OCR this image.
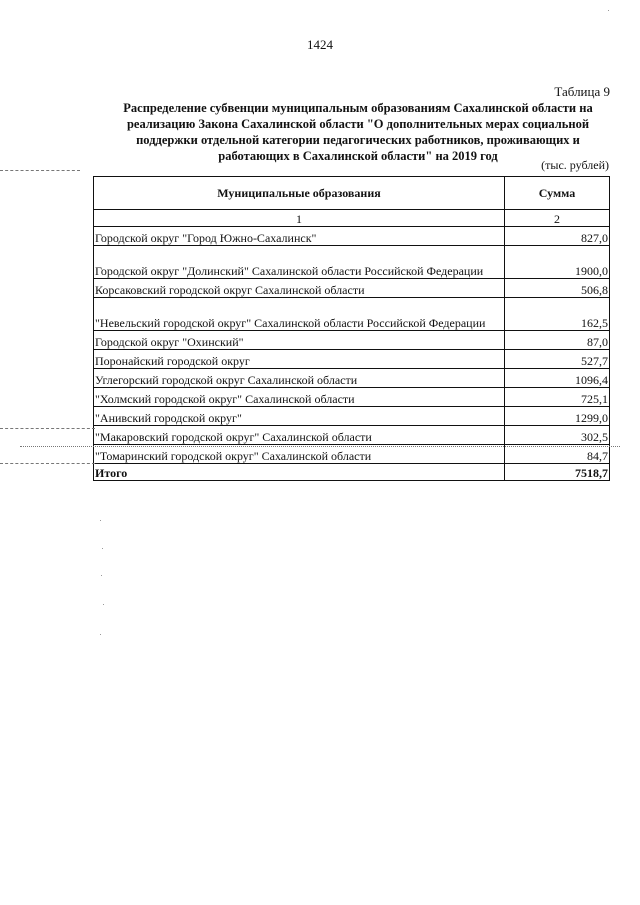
1424
Таблица 9
Распределение субвенции муниципальным образованиям Сахалинской области на
реализацию Закона Сахалинской области "О дополнительных мерах социальной
поддержки отдельной категории педагогических работников, проживающих и
работающих в Сахалинской области" на 2019 год
(тыс. рублей)
Муниципальные образования	Сумма
1	2
Городской округ "Город Южно-Сахалинск"	827,0
Городской округ "Долинский" Сахалинской области Российской Федерации	1900,0
Корсаковский городской округ Сахалинской области	506,8
"Невельский городской округ" Сахалинской области Российской Федерации	162,5
Городской округ "Охинский"	87,0
Поронайский городской округ	527,7
Углегорский городской округ Сахалинской области	1096,4
"Холмский городской округ" Сахалинской области	725,1
"Анивский городской округ"	1299,0
"Макаровский городской округ" Сахалинской области	302,5
"Томаринский городской округ" Сахалинской области	84,7
Итого	7518,7
